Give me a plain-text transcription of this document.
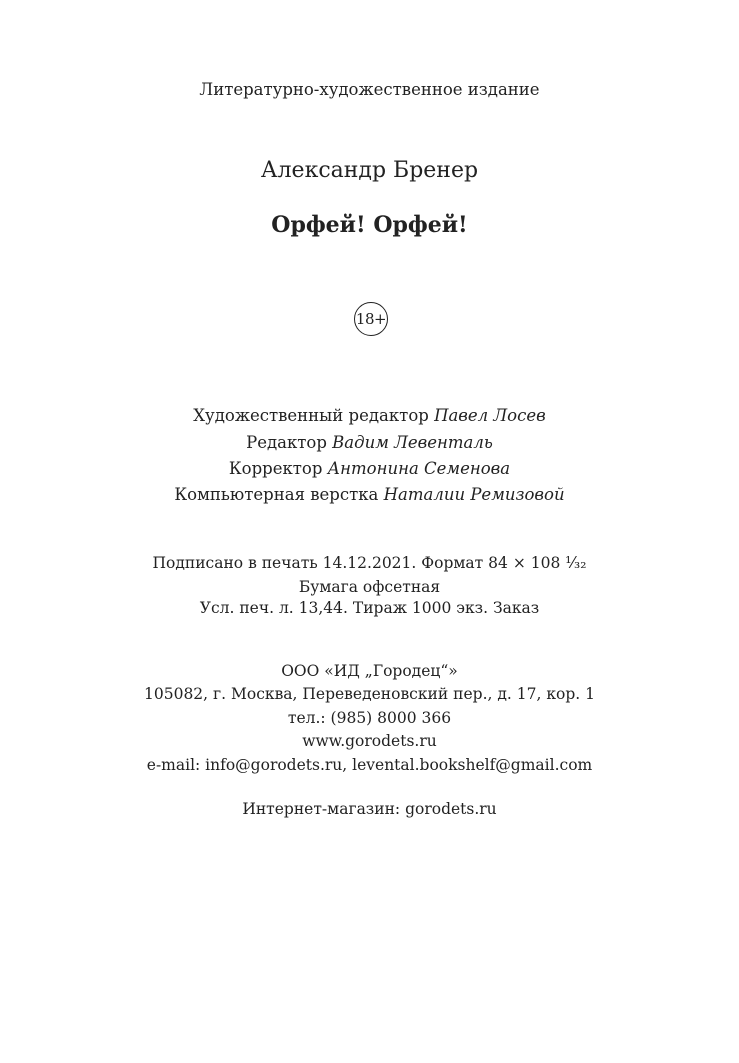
Литературно-художественное издание
Александр Бренер
Орфей! Орфей!
18+
Художественный редактор Павел Лосев
Редактор Вадим Левенталь
Корректор Антонина Семенова
Компьютерная верстка Наталии Ремизовой
Подписано в печать 14.12.2021. Формат 84 × 108 ¹⁄₃₂
Бумага офсетная
Усл. печ. л. 13,44. Тираж 1000 экз. Заказ
ООО «ИД „Городец“»
105082, г. Москва, Переведеновский пер., д. 17, кор. 1
тел.: (985) 8000 366
www.gorodets.ru
e-mail: info@gorodets.ru, levental.bookshelf@gmail.com
Интернет-магазин: gorodets.ru
